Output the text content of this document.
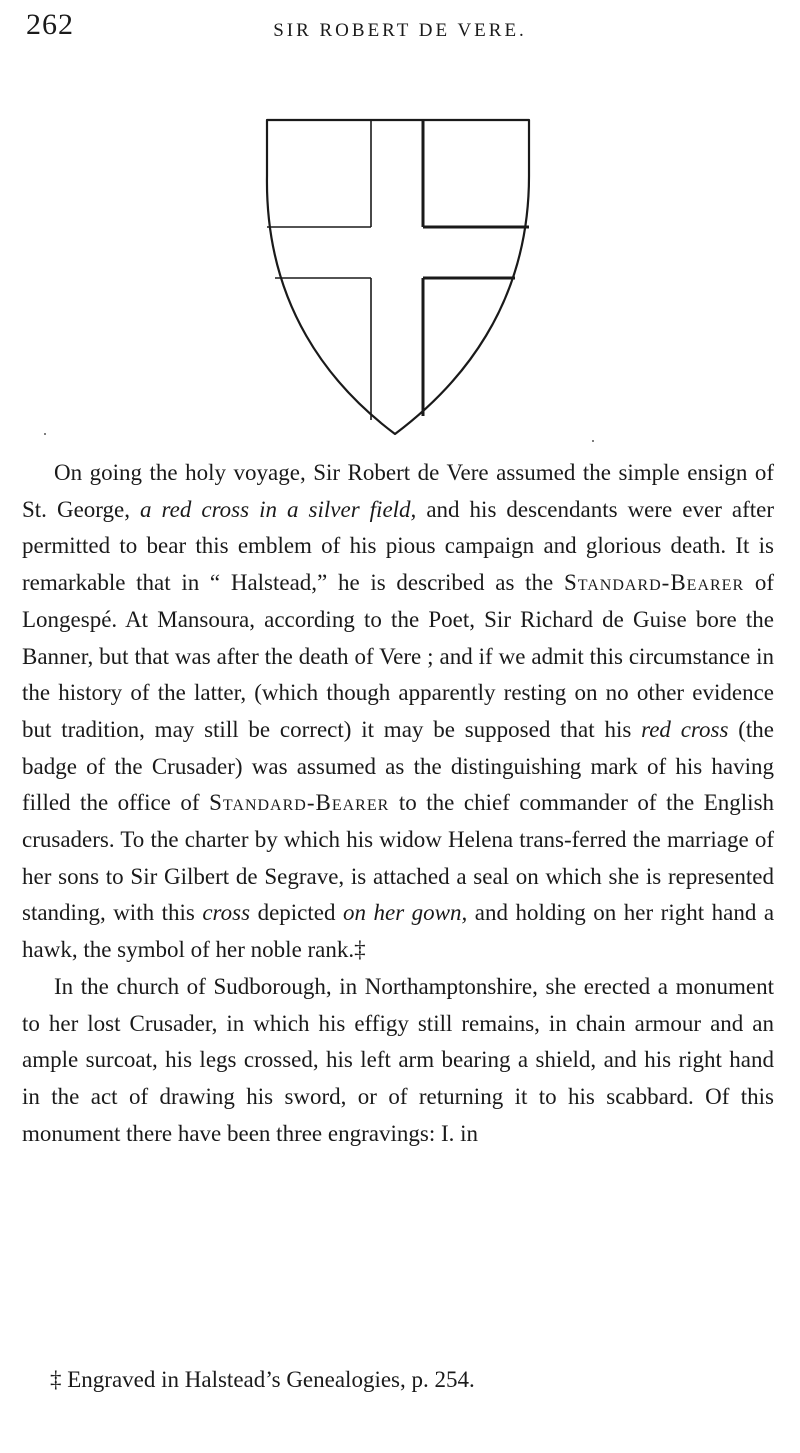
262	SIR ROBERT DE VERE.

On going the holy voyage, Sir Robert de Vere assumed the simple ensign of St. George, a red cross in a silver field, and his descendants were ever after permitted to bear this emblem of his pious campaign and glorious death. It is remarkable that in “ Halstead,” he is described as the Standard-Bearer of Longespé. At Mansoura, according to the Poet, Sir Richard de Guise bore the Banner, but that was after the death of Vere ; and if we admit this circumstance in the history of the latter, (which though apparently resting on no other evidence but tradition, may still be correct) it may be supposed that his red cross (the badge of the Crusader) was assumed as the distinguishing mark of his having filled the office of Standard-Bearer to the chief commander of the English crusaders. To the charter by which his widow Helena trans-ferred the marriage of her sons to Sir Gilbert de Segrave, is attached a seal on which she is represented standing, with this cross depicted on her gown, and holding on her right hand a hawk, the symbol of her noble rank.‡

In the church of Sudborough, in Northamptonshire, she erected a monument to her lost Crusader, in which his effigy still remains, in chain armour and an ample surcoat, his legs crossed, his left arm bearing a shield, and his right hand in the act of drawing his sword, or of returning it to his scabbard. Of this monument there have been three engravings: I. in

‡ Engraved in Halstead’s Genealogies, p. 254.
